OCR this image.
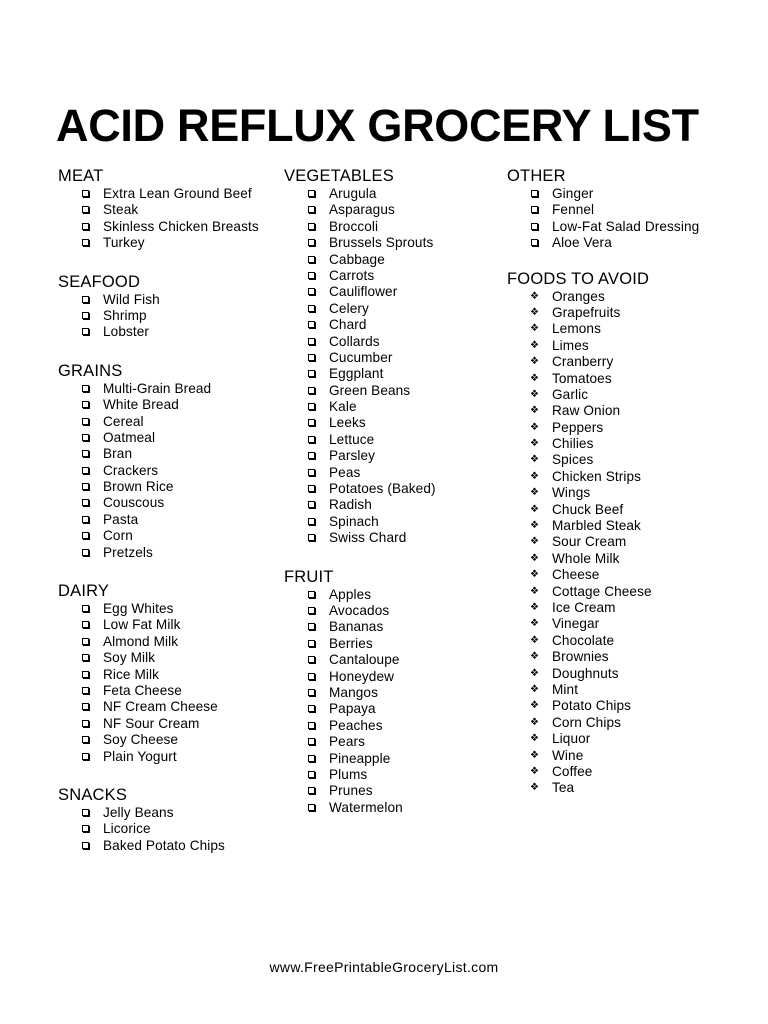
ACID REFLUX GROCERY LIST
MEAT
Extra Lean Ground Beef
Steak
Skinless Chicken Breasts
Turkey
SEAFOOD
Wild Fish
Shrimp
Lobster
GRAINS
Multi-Grain Bread
White Bread
Cereal
Oatmeal
Bran
Crackers
Brown Rice
Couscous
Pasta
Corn
Pretzels
DAIRY
Egg Whites
Low Fat Milk
Almond Milk
Soy Milk
Rice Milk
Feta Cheese
NF Cream Cheese
NF Sour Cream
Soy Cheese
Plain Yogurt
SNACKS
Jelly Beans
Licorice
Baked Potato Chips
VEGETABLES
Arugula
Asparagus
Broccoli
Brussels Sprouts
Cabbage
Carrots
Cauliflower
Celery
Chard
Collards
Cucumber
Eggplant
Green Beans
Kale
Leeks
Lettuce
Parsley
Peas
Potatoes (Baked)
Radish
Spinach
Swiss Chard
FRUIT
Apples
Avocados
Bananas
Berries
Cantaloupe
Honeydew
Mangos
Papaya
Peaches
Pears
Pineapple
Plums
Prunes
Watermelon
OTHER
Ginger
Fennel
Low-Fat Salad Dressing
Aloe Vera
FOODS TO AVOID
❖ Oranges
❖ Grapefruits
❖ Lemons
❖ Limes
❖ Cranberry
❖ Tomatoes
❖ Garlic
❖ Raw Onion
❖ Peppers
❖ Chilies
❖ Spices
❖ Chicken Strips
❖ Wings
❖ Chuck Beef
❖ Marbled Steak
❖ Sour Cream
❖ Whole Milk
❖ Cheese
❖ Cottage Cheese
❖ Ice Cream
❖ Vinegar
❖ Chocolate
❖ Brownies
❖ Doughnuts
❖ Mint
❖ Potato Chips
❖ Corn Chips
❖ Liquor
❖ Wine
❖ Coffee
❖ Tea
www.FreePrintableGroceryList.com
